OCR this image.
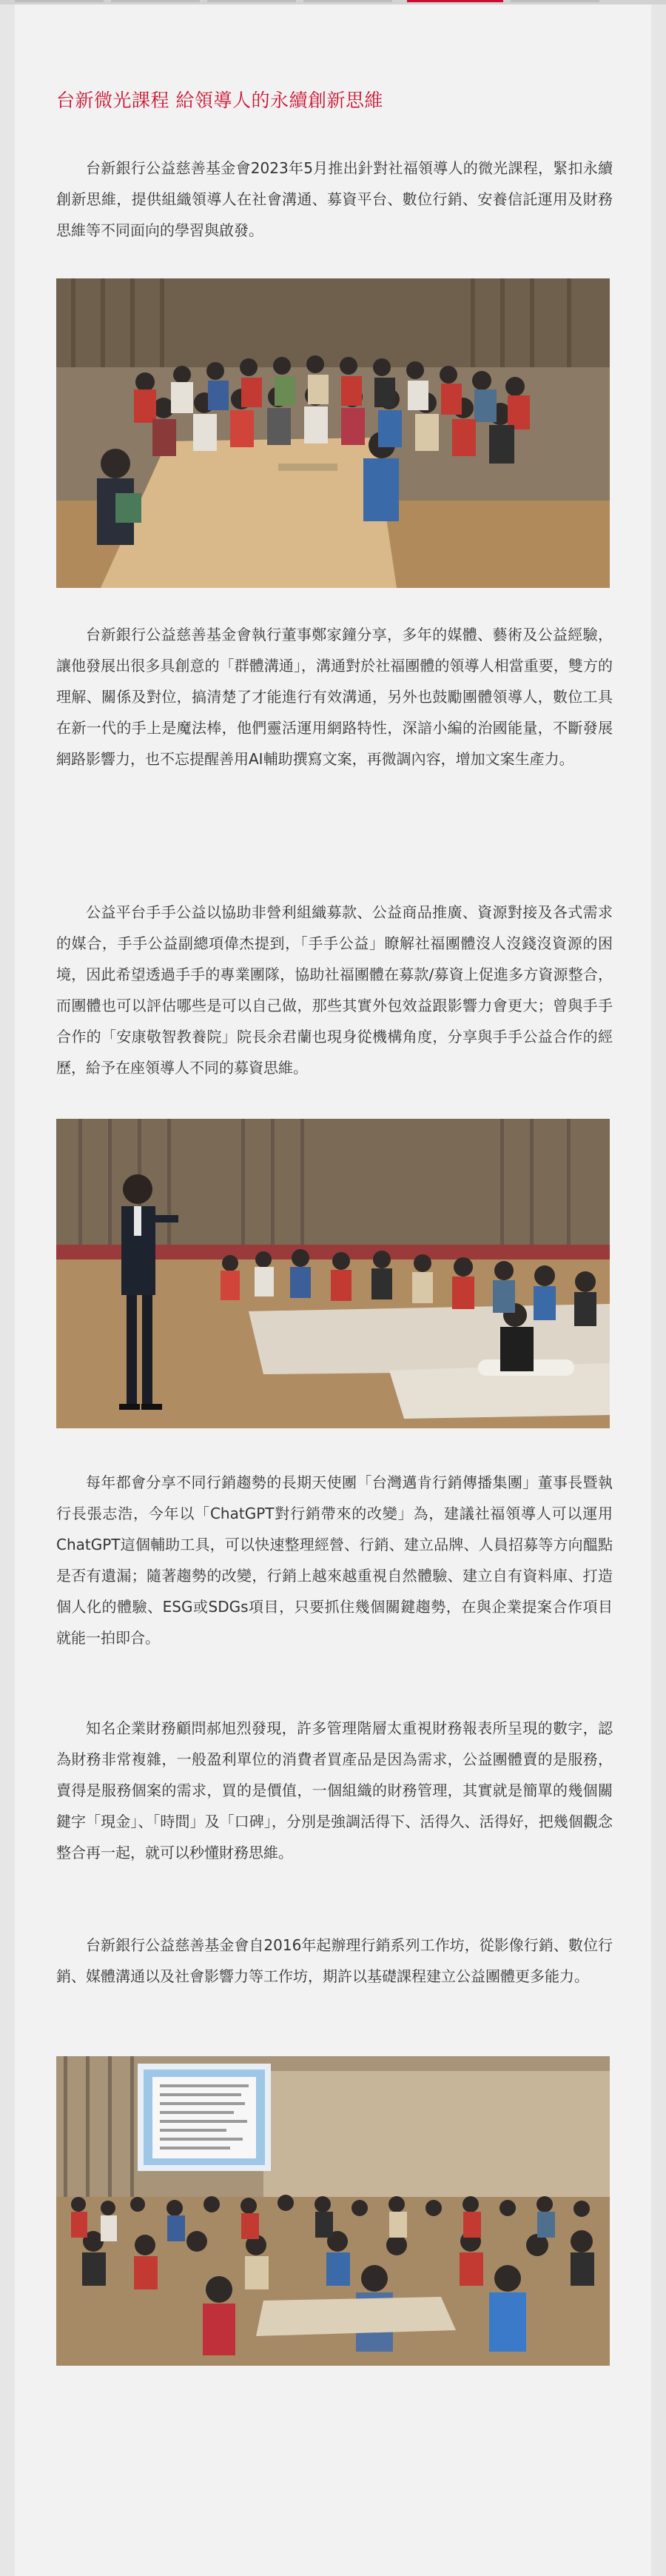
台新微光課程 給領導人的永續創新思維

台新銀行公益慈善基金會2023年5月推出針對社福領導人的微光課程，緊扣永續創新思維，提供組織領導人在社會溝通、募資平台、數位行銷、安養信託運用及財務思維等不同面向的學習與啟發。

台新銀行公益慈善基金會執行董事鄭家鐘分享，多年的媒體、藝術及公益經驗，讓他發展出很多具創意的「群體溝通」，溝通對於社福團體的領導人相當重要，雙方的理解、關係及對位，搞清楚了才能進行有效溝通，另外也鼓勵團體領導人，數位工具在新一代的手上是魔法棒，他們靈活運用網路特性，深諳小編的治國能量，不斷發展網路影響力，也不忘提醒善用AI輔助撰寫文案，再微調內容，增加文案生產力。

公益平台手手公益以協助非營利組織募款、公益商品推廣、資源對接及各式需求的媒合，手手公益副總項偉杰提到，「手手公益」瞭解社福團體沒人沒錢沒資源的困境，因此希望透過手手的專業團隊，協助社福團體在募款/募資上促進多方資源整合，而團體也可以評估哪些是可以自己做，那些其實外包效益跟影響力會更大；曾與手手合作的「安康敬智教養院」院長余君蘭也現身從機構角度，分享與手手公益合作的經歷，給予在座領導人不同的募資思維。

每年都會分享不同行銷趨勢的長期天使團「台灣邁肯行銷傳播集團」董事長暨執行長張志浩，今年以「ChatGPT對行銷帶來的改變」為，建議社福領導人可以運用ChatGPT這個輔助工具，可以快速整理經營、行銷、建立品牌、人員招募等方向醞點是否有遺漏；隨著趨勢的改變，行銷上越來越重視自然體驗、建立自有資料庫、打造個人化的體驗、ESG或SDGs項目，只要抓住幾個關鍵趨勢，在與企業提案合作項目就能一拍即合。

知名企業財務顧問郝旭烈發現，許多管理階層太重視財務報表所呈現的數字，認為財務非常複雜，一般盈利單位的消費者買產品是因為需求，公益團體賣的是服務，賣得是服務個案的需求，買的是價值，一個組織的財務管理，其實就是簡單的幾個關鍵字「現金」、「時間」及「口碑」，分別是強調活得下、活得久、活得好，把幾個觀念整合再一起，就可以秒懂財務思維。

台新銀行公益慈善基金會自2016年起辦理行銷系列工作坊，從影像行銷、數位行銷、媒體溝通以及社會影響力等工作坊，期許以基礎課程建立公益團體更多能力。
